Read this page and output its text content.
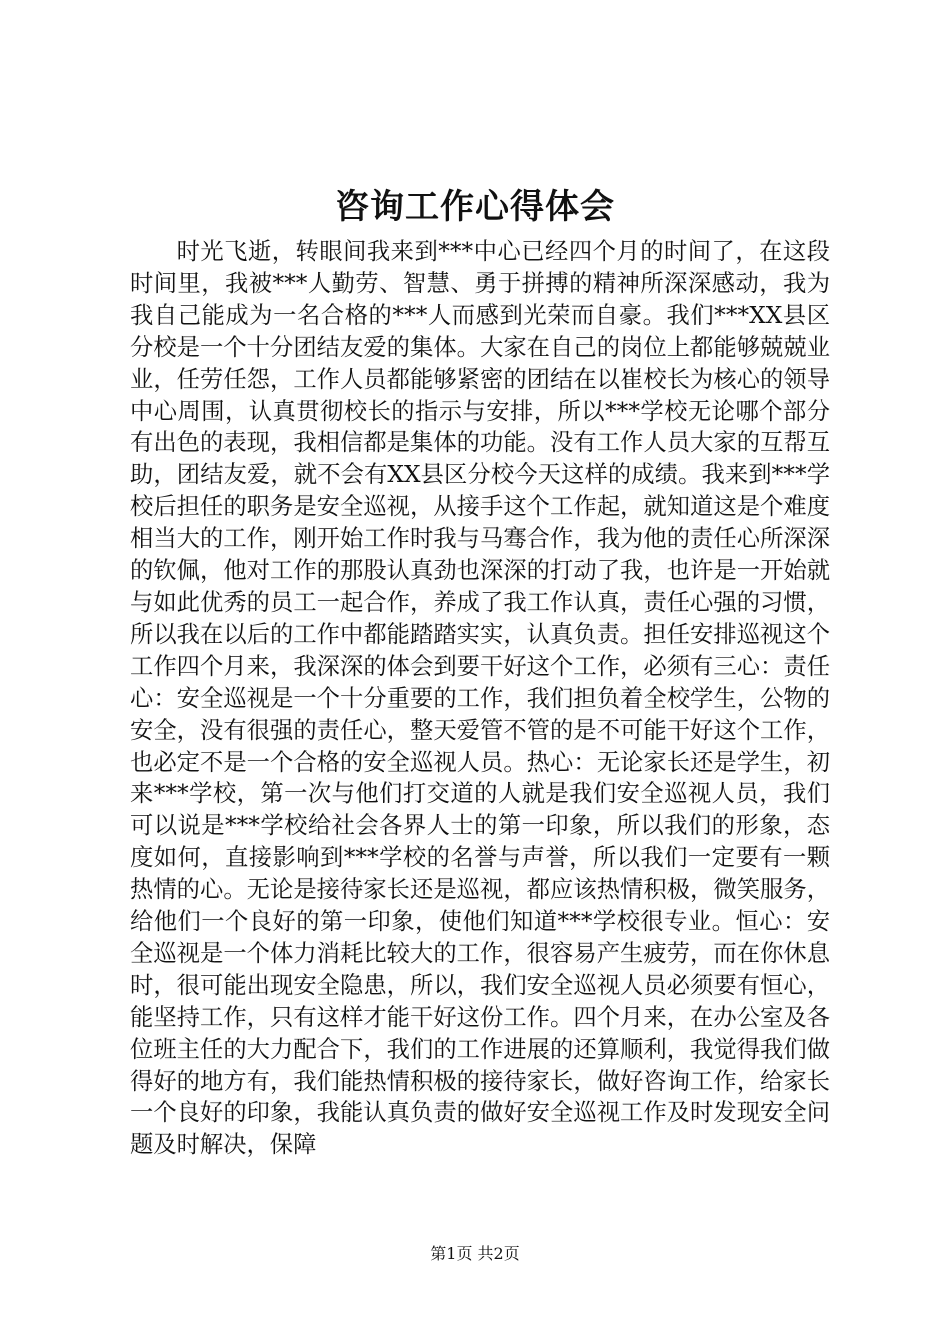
咨询工作心得体会

时光飞逝，转眼间我来到***中心已经四个月的时间了，在这段时间里，我被***人勤劳、智慧、勇于拼搏的精神所深深感动，我为我自己能成为一名合格的***人而感到光荣而自豪。我们***XX县区分校是一个十分团结友爱的集体。大家在自己的岗位上都能够兢兢业业，任劳任怨，工作人员都能够紧密的团结在以崔校长为核心的领导中心周围，认真贯彻校长的指示与安排，所以***学校无论哪个部分有出色的表现，我相信都是集体的功能。没有工作人员大家的互帮互助，团结友爱，就不会有XX县区分校今天这样的成绩。我来到***学校后担任的职务是安全巡视，从接手这个工作起，就知道这是个难度相当大的工作，刚开始工作时我与马骞合作，我为他的责任心所深深的钦佩，他对工作的那股认真劲也深深的打动了我，也许是一开始就与如此优秀的员工一起合作，养成了我工作认真，责任心强的习惯，所以我在以后的工作中都能踏踏实实，认真负责。担任安排巡视这个工作四个月来，我深深的体会到要干好这个工作，必须有三心：责任心：安全巡视是一个十分重要的工作，我们担负着全校学生，公物的安全，没有很强的责任心，整天爱管不管的是不可能干好这个工作，也必定不是一个合格的安全巡视人员。热心：无论家长还是学生，初来***学校，第一次与他们打交道的人就是我们安全巡视人员，我们可以说是***学校给社会各界人士的第一印象，所以我们的形象，态度如何，直接影响到***学校的名誉与声誉，所以我们一定要有一颗热情的心。无论是接待家长还是巡视，都应该热情积极，微笑服务，给他们一个良好的第一印象，使他们知道***学校很专业。恒心：安全巡视是一个体力消耗比较大的工作，很容易产生疲劳，而在你休息时，很可能出现安全隐患，所以，我们安全巡视人员必须要有恒心，能坚持工作，只有这样才能干好这份工作。四个月来，在办公室及各位班主任的大力配合下，我们的工作进展的还算顺利，我觉得我们做得好的地方有，我们能热情积极的接待家长，做好咨询工作，给家长一个良好的印象，我能认真负责的做好安全巡视工作及时发现安全问题及时解决，保障

第1页 共2页
